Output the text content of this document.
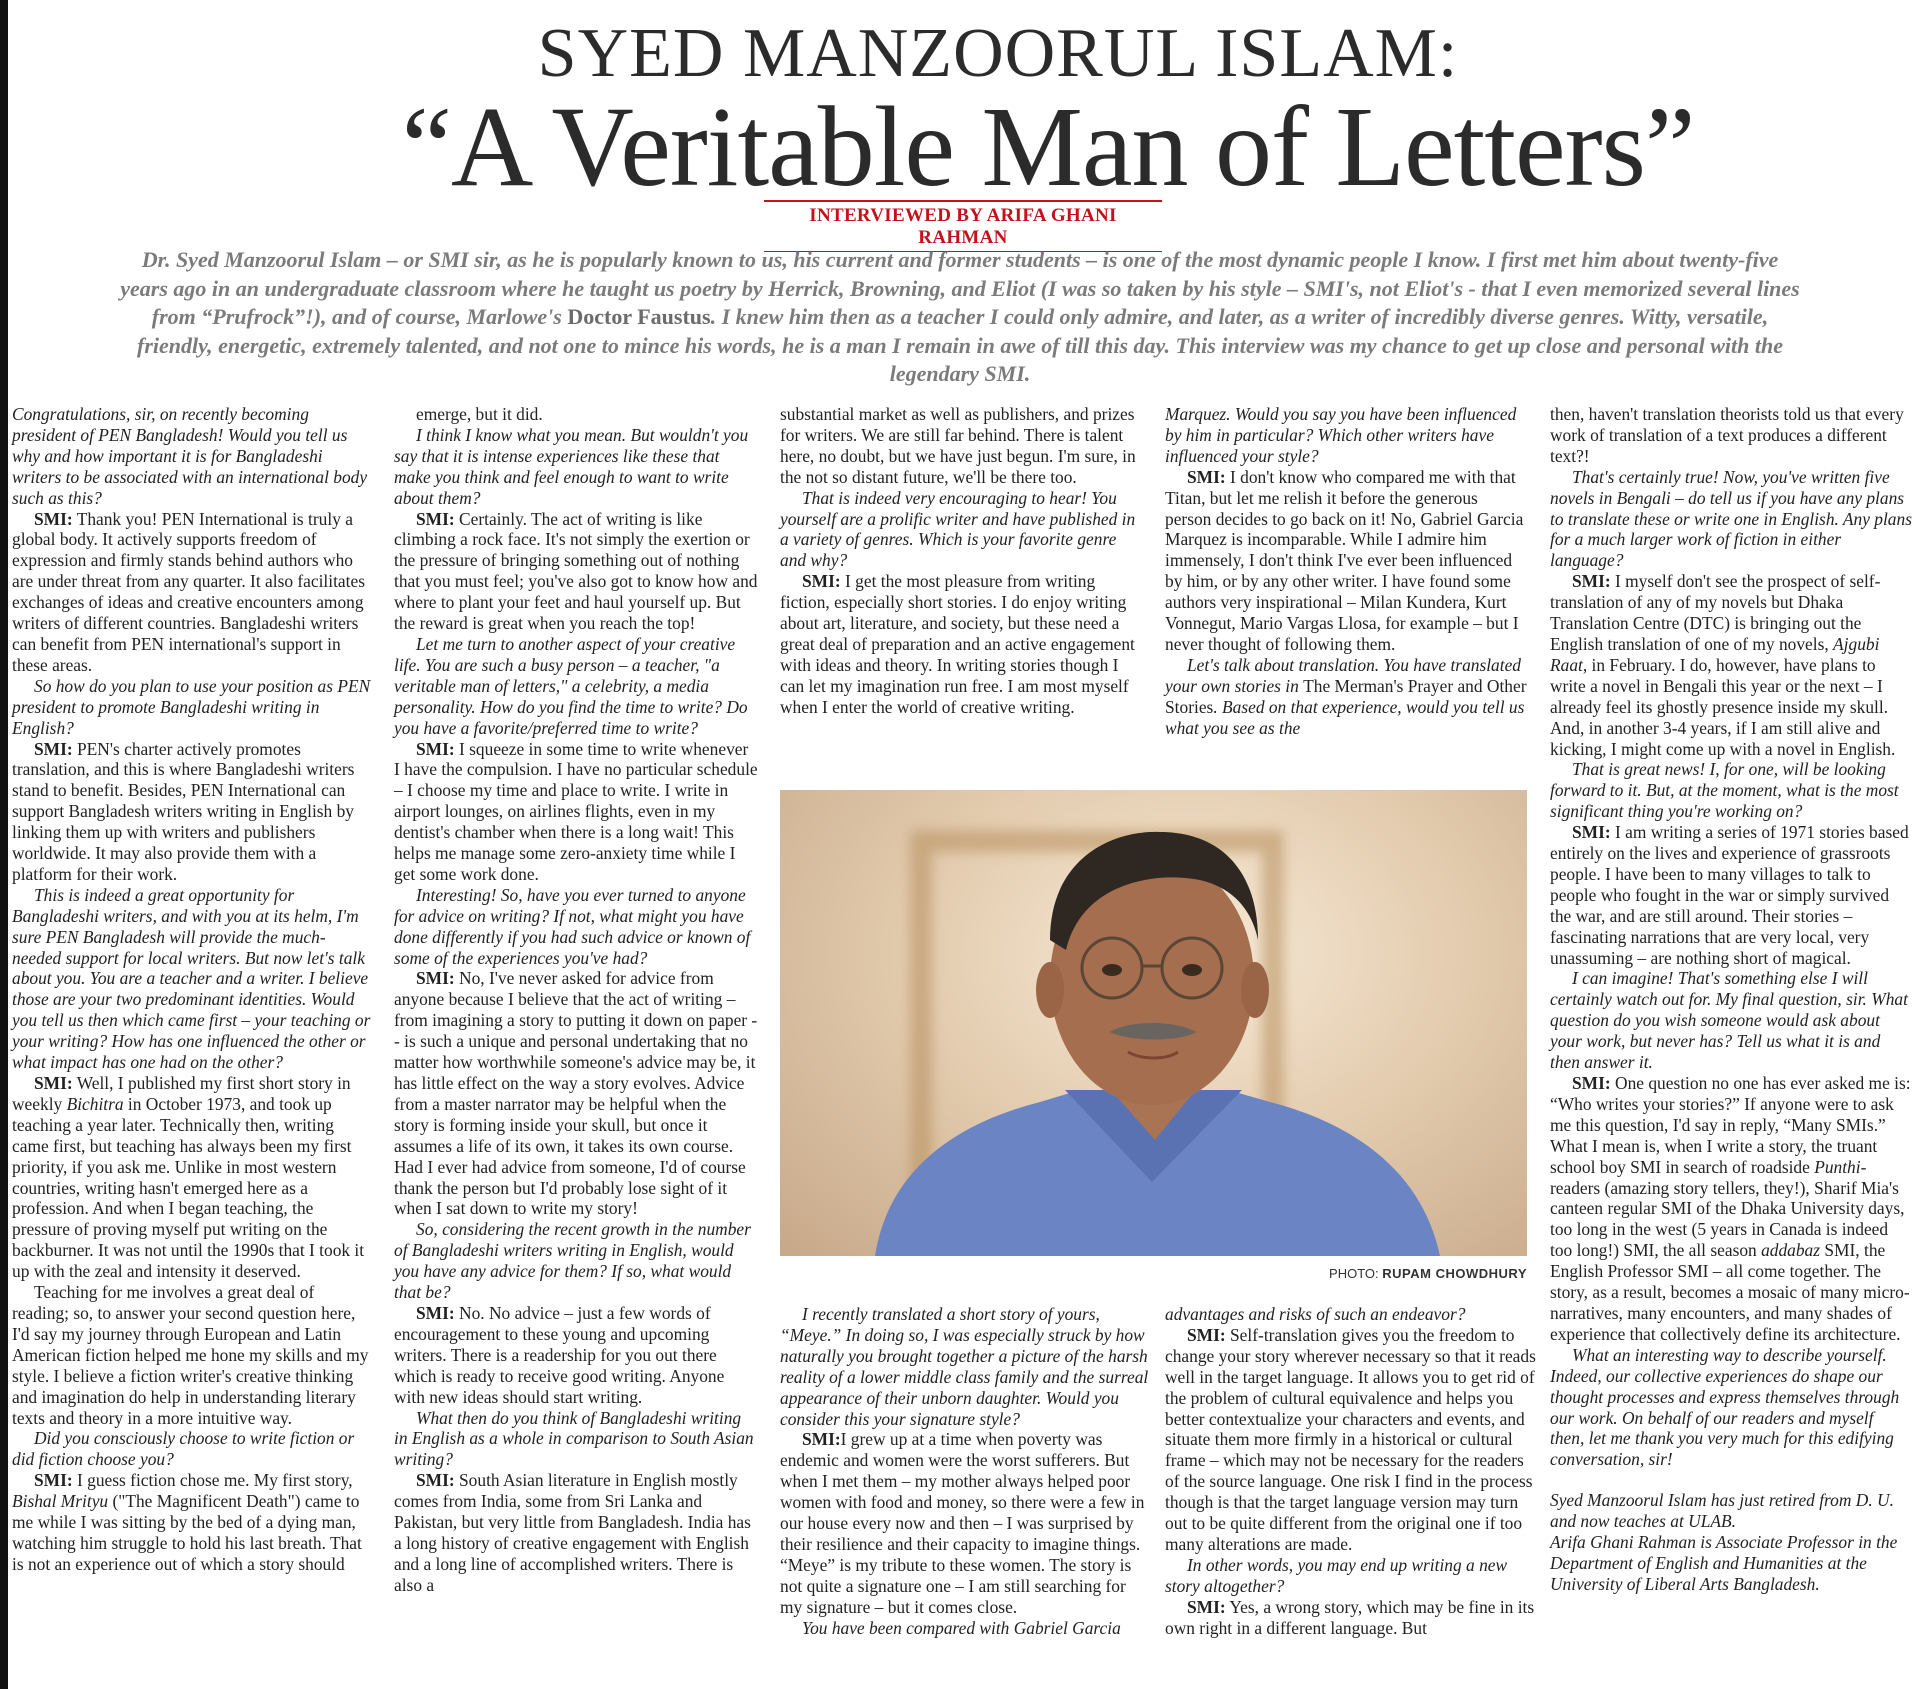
SYED MANZOORUL ISLAM:
“A Veritable Man of Letters”
INTERVIEWED BY ARIFA GHANI RAHMAN
Dr. Syed Manzoorul Islam – or SMI sir, as he is popularly known to us, his current and former students – is one of the most dynamic people I know. I first met him about twenty-five years ago in an undergraduate classroom where he taught us poetry by Herrick, Browning, and Eliot (I was so taken by his style – SMI's, not Eliot's - that I even memorized several lines from “Prufrock”!), and of course, Marlowe's Doctor Faustus. I knew him then as a teacher I could only admire, and later, as a writer of incredibly diverse genres. Witty, versatile, friendly, energetic, extremely talented, and not one to mince his words, he is a man I remain in awe of till this day. This interview was my chance to get up close and personal with the legendary SMI.

Congratulations, sir, on recently becoming president of PEN Bangladesh! Would you tell us why and how important it is for Bangladeshi writers to be associated with an international body such as this?

SMI: Thank you! PEN International is truly a global body. It actively supports freedom of expression and firmly stands behind authors who are under threat from any quarter. It also facilitates exchanges of ideas and creative encounters among writers of different countries. Bangladeshi writers can benefit from PEN international's support in these areas.

So how do you plan to use your position as PEN president to promote Bangladeshi writing in English?

SMI: PEN's charter actively promotes translation, and this is where Bangladeshi writers stand to benefit. Besides, PEN International can support Bangladesh writers writing in English by linking them up with writers and publishers worldwide. It may also provide them with a platform for their work.

This is indeed a great opportunity for Bangladeshi writers, and with you at its helm, I'm sure PEN Bangladesh will provide the much-needed support for local writers. But now let's talk about you. You are a teacher and a writer. I believe those are your two predominant identities. Would you tell us then which came first – your teaching or your writing? How has one influenced the other or what impact has one had on the other?

SMI: Well, I published my first short story in weekly Bichitra in October 1973, and took up teaching a year later. Technically then, writing came first, but teaching has always been my first priority, if you ask me. Unlike in most western countries, writing hasn't emerged here as a profession. And when I began teaching, the pressure of proving myself put writing on the backburner. It was not until the 1990s that I took it up with the zeal and intensity it deserved.

Teaching for me involves a great deal of reading; so, to answer your second question here, I'd say my journey through European and Latin American fiction helped me hone my skills and my style. I believe a fiction writer's creative thinking and imagination do help in understanding literary texts and theory in a more intuitive way.

Did you consciously choose to write fiction or did fiction choose you?

SMI: I guess fiction chose me. My first story, Bishal Mrityu ("The Magnificent Death") came to me while I was sitting by the bed of a dying man, watching him struggle to hold his last breath. That is not an experience out of which a story should

emerge, but it did.

I think I know what you mean. But wouldn't you say that it is intense experiences like these that make you think and feel enough to want to write about them?

SMI: Certainly. The act of writing is like climbing a rock face. It's not simply the exertion or the pressure of bringing something out of nothing that you must feel; you've also got to know how and where to plant your feet and haul yourself up. But the reward is great when you reach the top!

Let me turn to another aspect of your creative life. You are such a busy person – a teacher, "a veritable man of letters," a celebrity, a media personality. How do you find the time to write? Do you have a favorite/preferred time to write?

SMI: I squeeze in some time to write whenever I have the compulsion. I have no particular schedule – I choose my time and place to write. I write in airport lounges, on airlines flights, even in my dentist's chamber when there is a long wait! This helps me manage some zero-anxiety time while I get some work done.

Interesting! So, have you ever turned to anyone for advice on writing? If not, what might you have done differently if you had such advice or known of some of the experiences you've had?

SMI: No, I've never asked for advice from anyone because I believe that the act of writing – from imagining a story to putting it down on paper -- is such a unique and personal undertaking that no matter how worthwhile someone's advice may be, it has little effect on the way a story evolves. Advice from a master narrator may be helpful when the story is forming inside your skull, but once it assumes a life of its own, it takes its own course. Had I ever had advice from someone, I'd of course thank the person but I'd probably lose sight of it when I sat down to write my story!

So, considering the recent growth in the number of Bangladeshi writers writing in English, would you have any advice for them? If so, what would that be?

SMI: No. No advice – just a few words of encouragement to these young and upcoming writers. There is a readership for you out there which is ready to receive good writing. Anyone with new ideas should start writing.

What then do you think of Bangladeshi writing in English as a whole in comparison to South Asian writing?

SMI: South Asian literature in English mostly comes from India, some from Sri Lanka and Pakistan, but very little from Bangladesh. India has a long history of creative engagement with English and a long line of accomplished writers. There is also a

substantial market as well as publishers, and prizes for writers. We are still far behind. There is talent here, no doubt, but we have just begun. I'm sure, in the not so distant future, we'll be there too.

That is indeed very encouraging to hear! You yourself are a prolific writer and have published in a variety of genres. Which is your favorite genre and why?

SMI: I get the most pleasure from writing fiction, especially short stories. I do enjoy writing about art, literature, and society, but these need a great deal of preparation and an active engagement with ideas and theory. In writing stories though I can let my imagination run free. I am most myself when I enter the world of creative writing.

Marquez. Would you say you have been influenced by him in particular? Which other writers have influenced your style?

SMI: I don't know who compared me with that Titan, but let me relish it before the generous person decides to go back on it! No, Gabriel Garcia Marquez is incomparable. While I admire him immensely, I don't think I've ever been influenced by him, or by any other writer. I have found some authors very inspirational – Milan Kundera, Kurt Vonnegut, Mario Vargas Llosa, for example – but I never thought of following them.

Let's talk about translation. You have translated your own stories in The Merman's Prayer and Other Stories. Based on that experience, would you tell us what you see as the

PHOTO: RUPAM CHOWDHURY

I recently translated a short story of yours, “Meye.” In doing so, I was especially struck by how naturally you brought together a picture of the harsh reality of a lower middle class family and the surreal appearance of their unborn daughter. Would you consider this your signature style?

SMI:I grew up at a time when poverty was endemic and women were the worst sufferers. But when I met them – my mother always helped poor women with food and money, so there were a few in our house every now and then – I was surprised by their resilience and their capacity to imagine things. “Meye” is my tribute to these women. The story is not quite a signature one – I am still searching for my signature – but it comes close.

You have been compared with Gabriel Garcia

advantages and risks of such an endeavor?

SMI: Self-translation gives you the freedom to change your story wherever necessary so that it reads well in the target language. It allows you to get rid of the problem of cultural equivalence and helps you better contextualize your characters and events, and situate them more firmly in a historical or cultural frame – which may not be necessary for the readers of the source language. One risk I find in the process though is that the target language version may turn out to be quite different from the original one if too many alterations are made.

In other words, you may end up writing a new story altogether?

SMI: Yes, a wrong story, which may be fine in its own right in a different language. But

then, haven't translation theorists told us that every work of translation of a text produces a different text?!

That's certainly true! Now, you've written five novels in Bengali – do tell us if you have any plans to translate these or write one in English. Any plans for a much larger work of fiction in either language?

SMI: I myself don't see the prospect of self-translation of any of my novels but Dhaka Translation Centre (DTC) is bringing out the English translation of one of my novels, Ajgubi Raat, in February. I do, however, have plans to write a novel in Bengali this year or the next – I already feel its ghostly presence inside my skull. And, in another 3-4 years, if I am still alive and kicking, I might come up with a novel in English.

That is great news! I, for one, will be looking forward to it. But, at the moment, what is the most significant thing you're working on?

SMI: I am writing a series of 1971 stories based entirely on the lives and experience of grassroots people. I have been to many villages to talk to people who fought in the war or simply survived the war, and are still around. Their stories – fascinating narrations that are very local, very unassuming – are nothing short of magical.

I can imagine! That's something else I will certainly watch out for. My final question, sir. What question do you wish someone would ask about your work, but never has? Tell us what it is and then answer it.

SMI: One question no one has ever asked me is: “Who writes your stories?” If anyone were to ask me this question, I'd say in reply, “Many SMIs.” What I mean is, when I write a story, the truant school boy SMI in search of roadside Punthi-readers (amazing story tellers, they!), Sharif Mia's canteen regular SMI of the Dhaka University days, too long in the west (5 years in Canada is indeed too long!) SMI, the all season addabaz SMI, the English Professor SMI – all come together. The story, as a result, becomes a mosaic of many micro-narratives, many encounters, and many shades of experience that collectively define its architecture.

What an interesting way to describe yourself. Indeed, our collective experiences do shape our thought processes and express themselves through our work. On behalf of our readers and myself then, let me thank you very much for this edifying conversation, sir!

Syed Manzoorul Islam has just retired from D. U. and now teaches at ULAB.

Arifa Ghani Rahman is Associate Professor in the Department of English and Humanities at the University of Liberal Arts Bangladesh.
